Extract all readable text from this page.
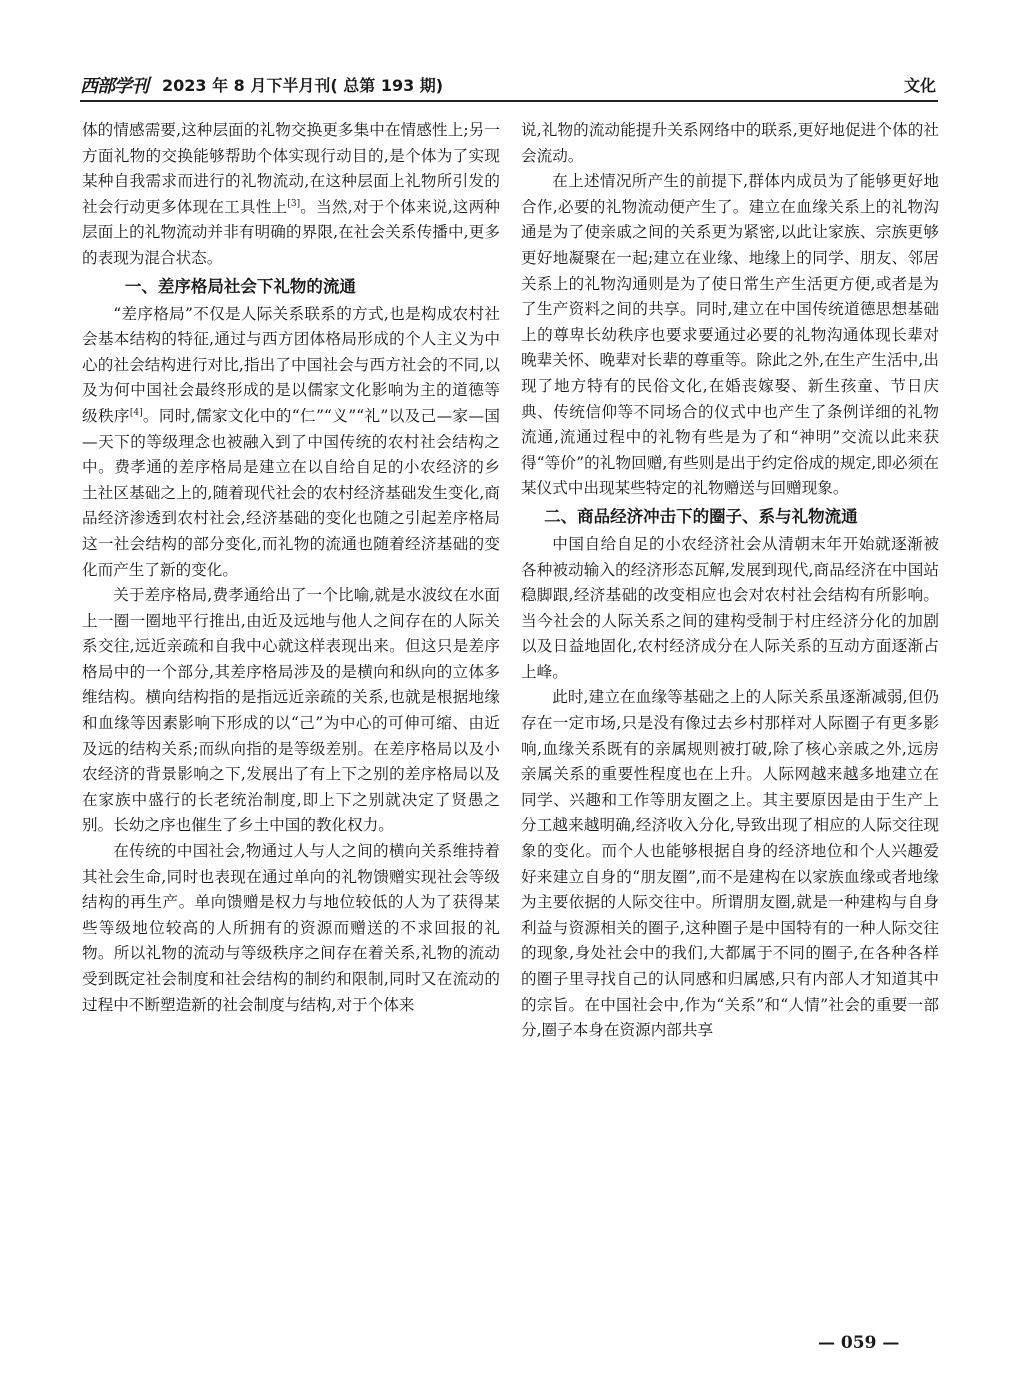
西部学刊 2023 年 8 月下半月刊( 总第 193 期)	文化

体的情感需要,这种层面的礼物交换更多集中在情感性上;另一方面礼物的交换能够帮助个体实现行动目的,是个体为了实现某种自我需求而进行的礼物流动,在这种层面上礼物所引发的社会行动更多体现在工具性上[3]。当然,对于个体来说,这两种层面上的礼物流动并非有明确的界限,在社会关系传播中,更多的表现为混合状态。

一、差序格局社会下礼物的流通

“差序格局”不仅是人际关系联系的方式,也是构成农村社会基本结构的特征,通过与西方团体格局形成的个人主义为中心的社会结构进行对比,指出了中国社会与西方社会的不同,以及为何中国社会最终形成的是以儒家文化影响为主的道德等级秩序[4]。同时,儒家文化中的“仁”“义”“礼”以及己—家—国—天下的等级理念也被融入到了中国传统的农村社会结构之中。费孝通的差序格局是建立在以自给自足的小农经济的乡土社区基础之上的,随着现代社会的农村经济基础发生变化,商品经济渗透到农村社会,经济基础的变化也随之引起差序格局这一社会结构的部分变化,而礼物的流通也随着经济基础的变化而产生了新的变化。

关于差序格局,费孝通给出了一个比喻,就是水波纹在水面上一圈一圈地平行推出,由近及远地与他人之间存在的人际关系交往,远近亲疏和自我中心就这样表现出来。但这只是差序格局中的一个部分,其差序格局涉及的是横向和纵向的立体多维结构。横向结构指的是指远近亲疏的关系,也就是根据地缘和血缘等因素影响下形成的以“己”为中心的可伸可缩、由近及远的结构关系;而纵向指的是等级差别。在差序格局以及小农经济的背景影响之下,发展出了有上下之别的差序格局以及在家族中盛行的长老统治制度,即上下之别就决定了贤愚之别。长幼之序也催生了乡土中国的教化权力。

在传统的中国社会,物通过人与人之间的横向关系维持着其社会生命,同时也表现在通过单向的礼物馈赠实现社会等级结构的再生产。单向馈赠是权力与地位较低的人为了获得某些等级地位较高的人所拥有的资源而赠送的不求回报的礼物。所以礼物的流动与等级秩序之间存在着关系,礼物的流动受到既定社会制度和社会结构的制约和限制,同时又在流动的过程中不断塑造新的社会制度与结构,对于个体来

说,礼物的流动能提升关系网络中的联系,更好地促进个体的社会流动。

在上述情况所产生的前提下,群体内成员为了能够更好地合作,必要的礼物流动便产生了。建立在血缘关系上的礼物沟通是为了使亲戚之间的关系更为紧密,以此让家族、宗族更够更好地凝聚在一起;建立在业缘、地缘上的同学、朋友、邻居关系上的礼物沟通则是为了使日常生产生活更方便,或者是为了生产资料之间的共享。同时,建立在中国传统道德思想基础上的尊卑长幼秩序也要求要通过必要的礼物沟通体现长辈对晚辈关怀、晚辈对长辈的尊重等。除此之外,在生产生活中,出现了地方特有的民俗文化,在婚丧嫁娶、新生孩童、节日庆典、传统信仰等不同场合的仪式中也产生了条例详细的礼物流通,流通过程中的礼物有些是为了和“神明”交流以此来获得“等价”的礼物回赠,有些则是出于约定俗成的规定,即必须在某仪式中出现某些特定的礼物赠送与回赠现象。

二、商品经济冲击下的圈子、系与礼物流通

中国自给自足的小农经济社会从清朝末年开始就逐渐被各种被动输入的经济形态瓦解,发展到现代,商品经济在中国站稳脚跟,经济基础的改变相应也会对农村社会结构有所影响。当今社会的人际关系之间的建构受制于村庄经济分化的加剧以及日益地固化,农村经济成分在人际关系的互动方面逐渐占上峰。

此时,建立在血缘等基础之上的人际关系虽逐渐减弱,但仍存在一定市场,只是没有像过去乡村那样对人际圈子有更多影响,血缘关系既有的亲属规则被打破,除了核心亲戚之外,远房亲属关系的重要性程度也在上升。人际网越来越多地建立在同学、兴趣和工作等朋友圈之上。其主要原因是由于生产上分工越来越明确,经济收入分化,导致出现了相应的人际交往现象的变化。而个人也能够根据自身的经济地位和个人兴趣爱好来建立自身的“朋友圈”,而不是建构在以家族血缘或者地缘为主要依据的人际交往中。所谓朋友圈,就是一种建构与自身利益与资源相关的圈子,这种圈子是中国特有的一种人际交往的现象,身处社会中的我们,大都属于不同的圈子,在各种各样的圈子里寻找自己的认同感和归属感,只有内部人才知道其中的宗旨。在中国社会中,作为“关系”和“人情”社会的重要一部分,圈子本身在资源内部共享

— 059 —
